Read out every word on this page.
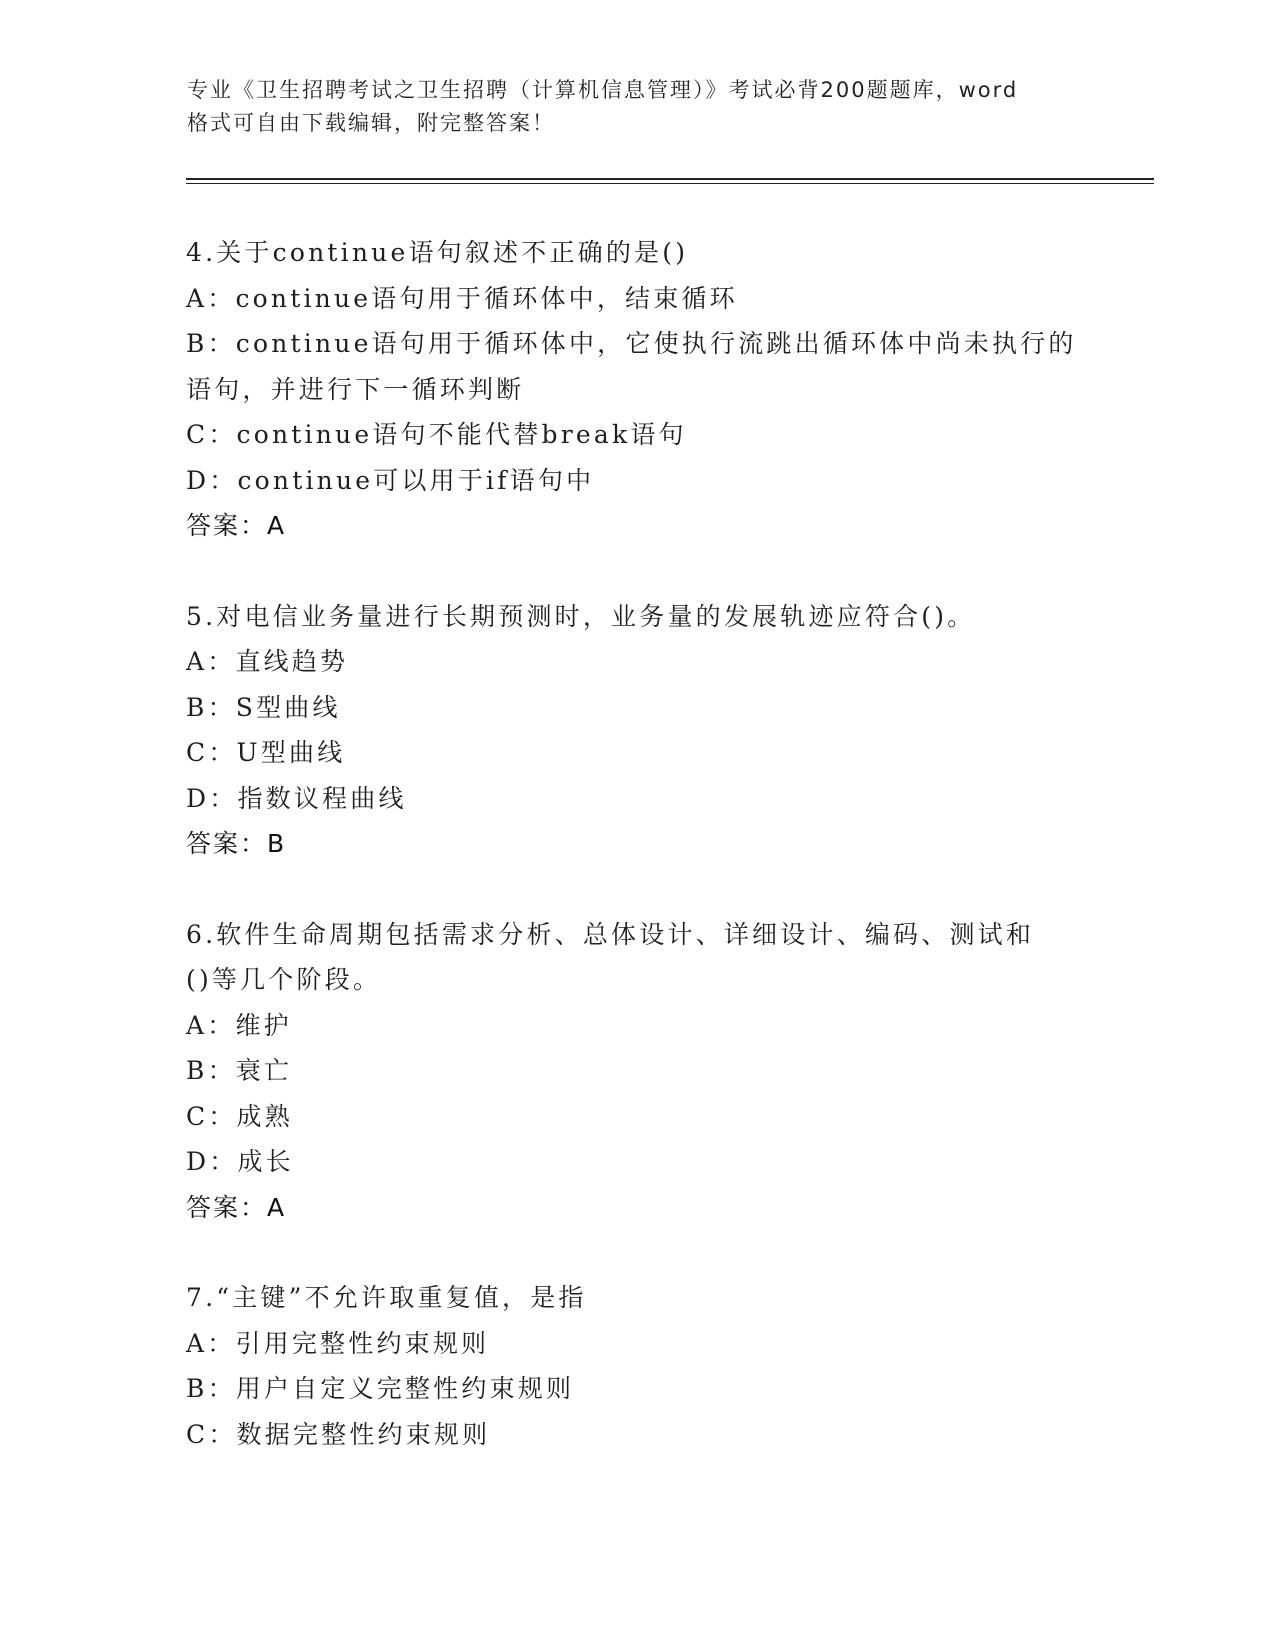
专业《卫生招聘考试之卫生招聘（计算机信息管理）》考试必背200题题库，word
格式可自由下载编辑，附完整答案！
4.关于continue语句叙述不正确的是()
A：continue语句用于循环体中，结束循环
B：continue语句用于循环体中，它使执行流跳出循环体中尚未执行的
语句，并进行下一循环判断
C：continue语句不能代替break语句
D：continue可以用于if语句中
答案：A
5.对电信业务量进行长期预测时，业务量的发展轨迹应符合()。
A：直线趋势
B：S型曲线
C：U型曲线
D：指数议程曲线
答案：B
6.软件生命周期包括需求分析、总体设计、详细设计、编码、测试和
()等几个阶段。
A：维护
B：衰亡
C：成熟
D：成长
答案：A
7.“主键”不允许取重复值，是指
A：引用完整性约束规则
B：用户自定义完整性约束规则
C：数据完整性约束规则
